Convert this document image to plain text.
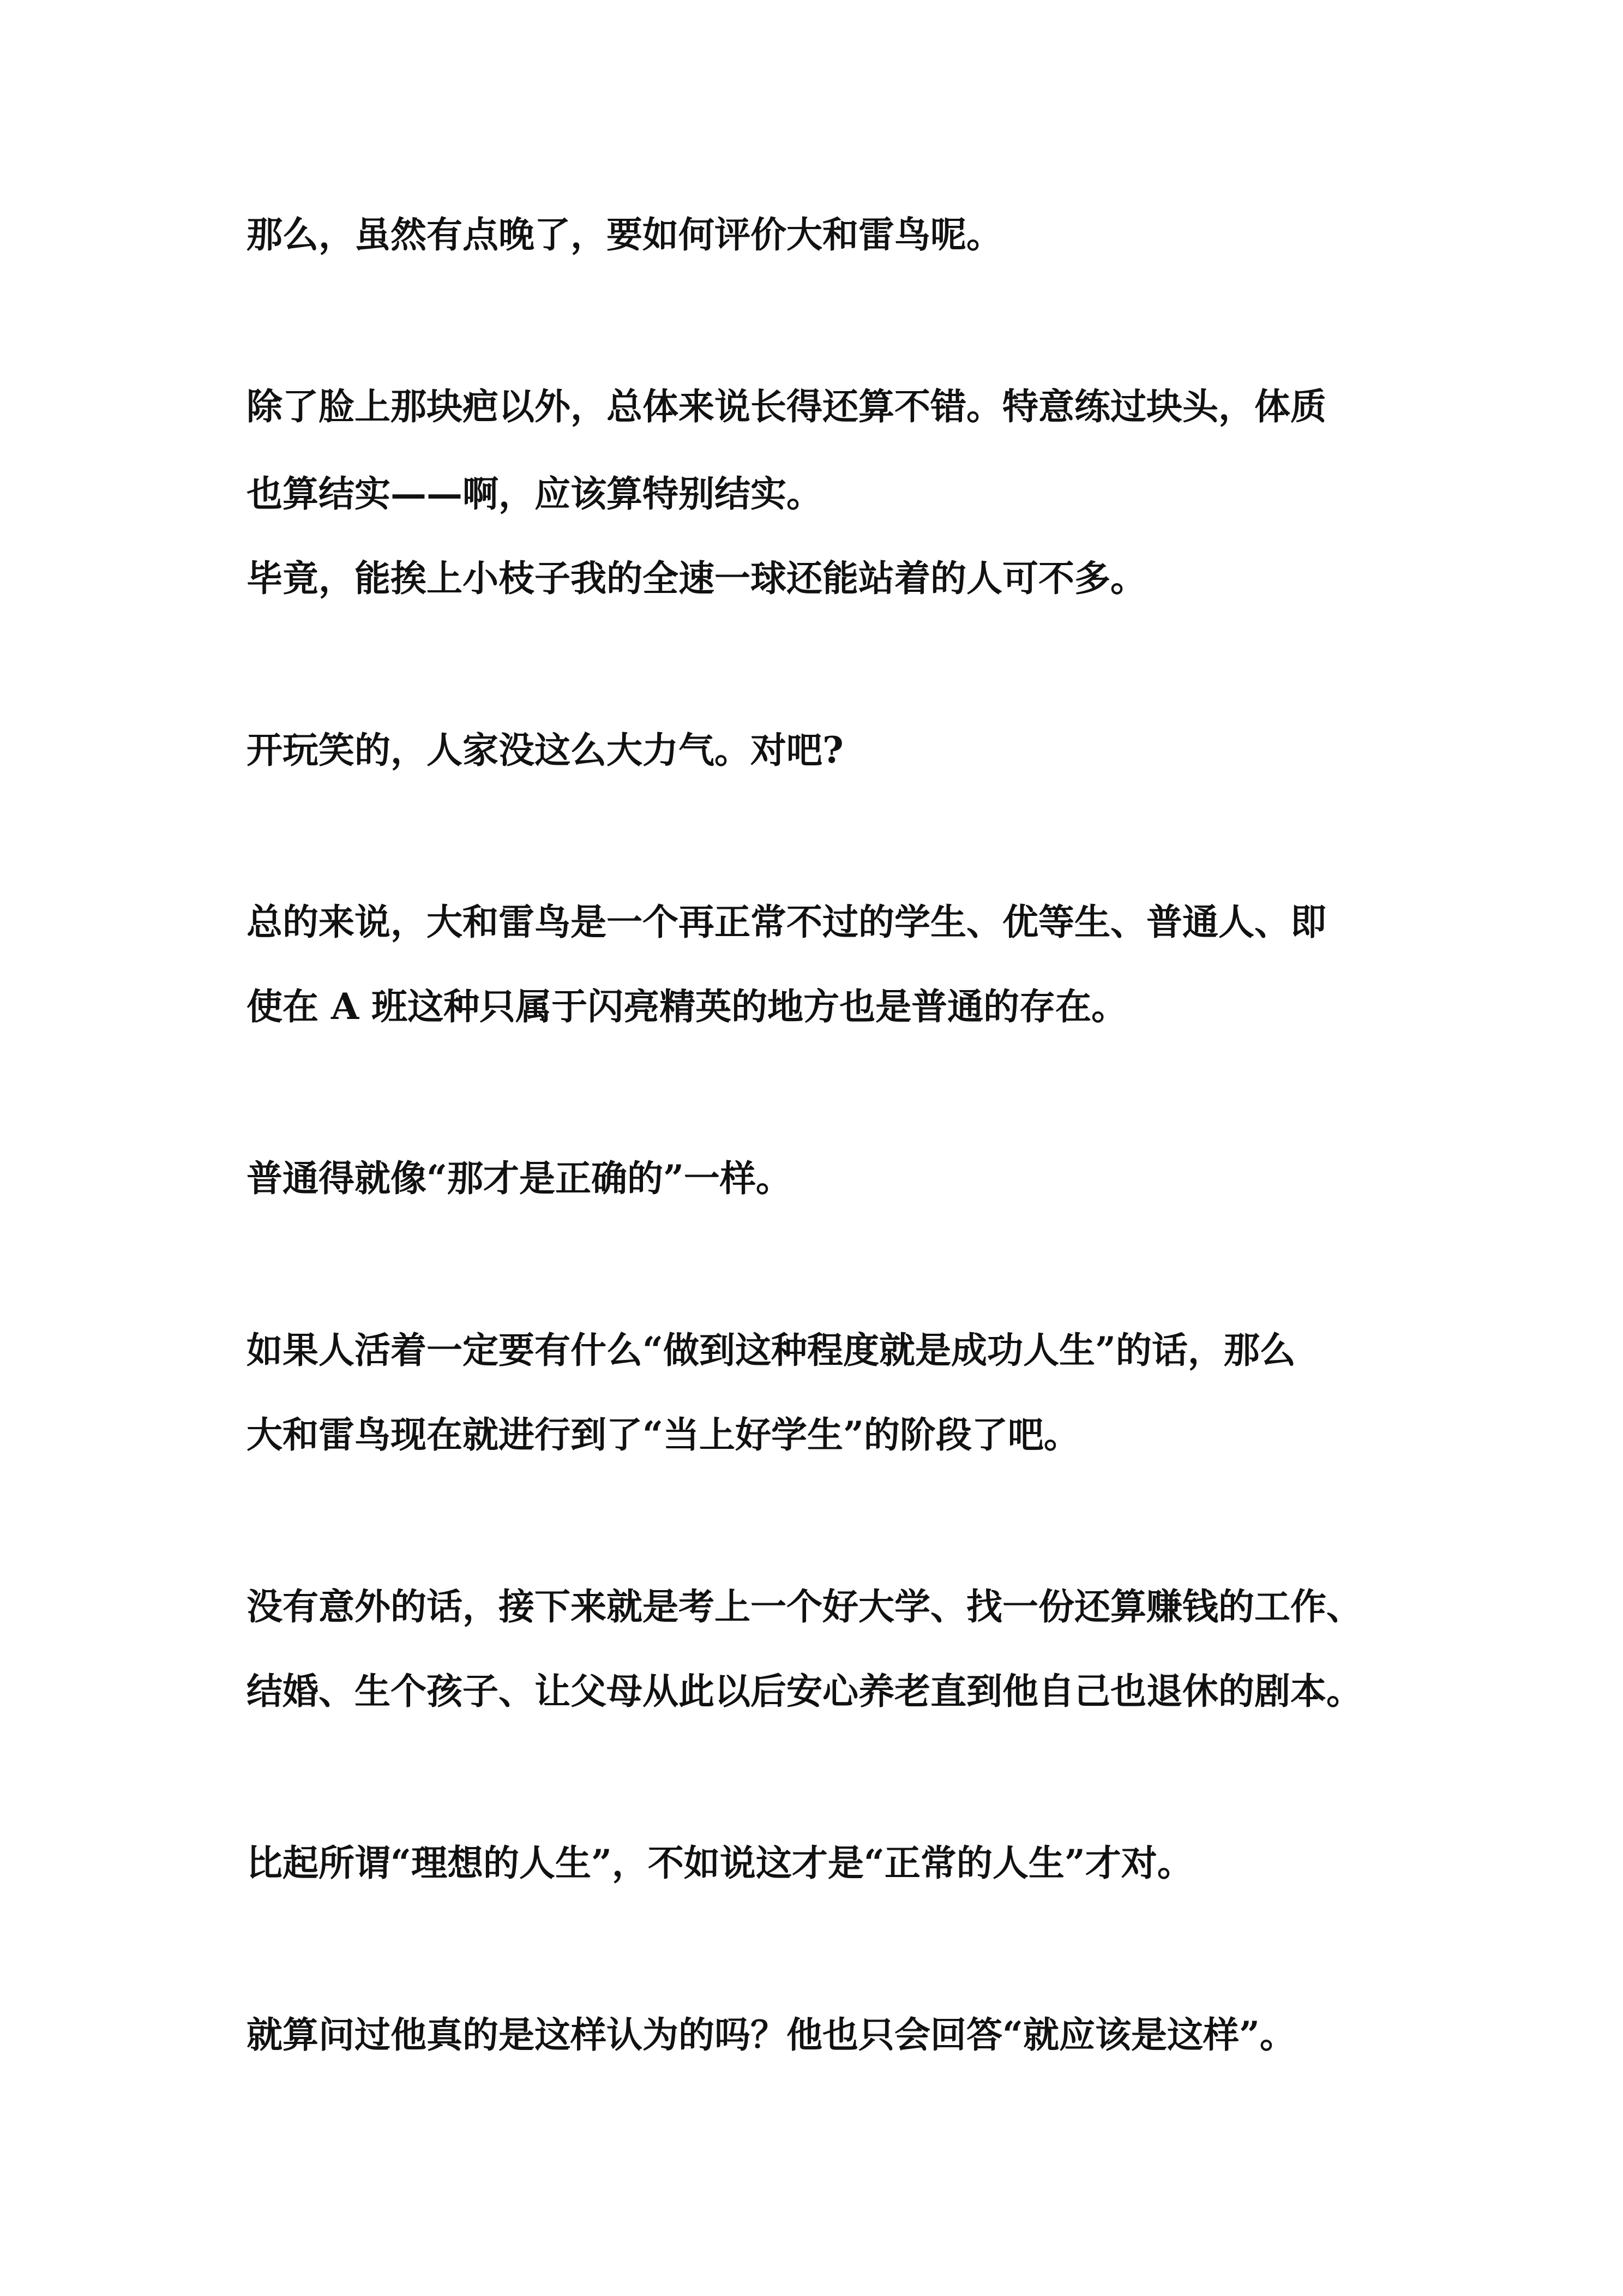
那么，虽然有点晚了，要如何评价大和雷鸟呢。

除了脸上那块疤以外，总体来说长得还算不错。特意练过块头，体质

也算结实——啊，应该算特别结实。

毕竟，能挨上小枝子我的全速一球还能站着的人可不多。

开玩笑的，人家没这么大力气。对吧?

总的来说，大和雷鸟是一个再正常不过的学生、优等生、普通人、即

使在 A 班这种只属于闪亮精英的地方也是普通的存在。

普通得就像“那才是正确的”一样。

如果人活着一定要有什么“做到这种程度就是成功人生”的话，那么

大和雷鸟现在就进行到了“当上好学生”的阶段了吧。

没有意外的话，接下来就是考上一个好大学、找一份还算赚钱的工作、

结婚、生个孩子、让父母从此以后安心养老直到他自己也退休的剧本。

比起所谓“理想的人生”，不如说这才是“正常的人生”才对。

就算问过他真的是这样认为的吗？他也只会回答“就应该是这样”。
